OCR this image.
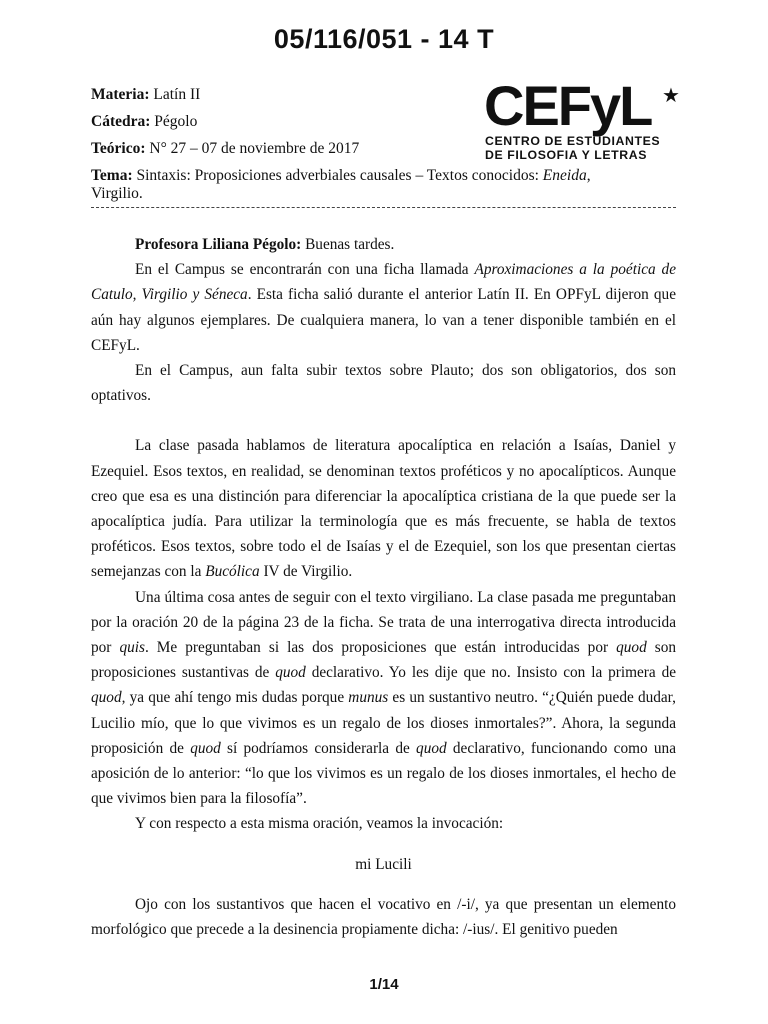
05/116/051 - 14 T
Materia: Latín II
Cátedra: Pégolo
Teórico: N° 27 – 07 de noviembre de 2017
Tema: Sintaxis: Proposiciones adverbiales causales – Textos conocidos: Eneida,
Virgilio.
CEFyL ★
CENTRO DE ESTUDIANTES
DE FILOSOFIA Y LETRAS

Profesora Liliana Pégolo: Buenas tardes.

En el Campus se encontrarán con una ficha llamada Aproximaciones a la poética de Catulo, Virgilio y Séneca. Esta ficha salió durante el anterior Latín II. En OPFyL dijeron que aún hay algunos ejemplares. De cualquiera manera, lo van a tener disponible también en el CEFyL.

En el Campus, aun falta subir textos sobre Plauto; dos son obligatorios, dos son optativos.

La clase pasada hablamos de literatura apocalíptica en relación a Isaías, Daniel y Ezequiel. Esos textos, en realidad, se denominan textos proféticos y no apocalípticos. Aunque creo que esa es una distinción para diferenciar la apocalíptica cristiana de la que puede ser la apocalíptica judía. Para utilizar la terminología que es más frecuente, se habla de textos proféticos. Esos textos, sobre todo el de Isaías y el de Ezequiel, son los que presentan ciertas semejanzas con la Bucólica IV de Virgilio.

Una última cosa antes de seguir con el texto virgiliano. La clase pasada me preguntaban por la oración 20 de la página 23 de la ficha. Se trata de una interrogativa directa introducida por quis. Me preguntaban si las dos proposiciones que están introducidas por quod son proposiciones sustantivas de quod declarativo. Yo les dije que no. Insisto con la primera de quod, ya que ahí tengo mis dudas porque munus es un sustantivo neutro. “¿Quién puede dudar, Lucilio mío, que lo que vivimos es un regalo de los dioses inmortales?”. Ahora, la segunda proposición de quod sí podríamos considerarla de quod declarativo, funcionando como una aposición de lo anterior: “lo que los vivimos es un regalo de los dioses inmortales, el hecho de que vivimos bien para la filosofía”.

Y con respecto a esta misma oración, veamos la invocación:

mi Lucili

Ojo con los sustantivos que hacen el vocativo en /-i/, ya que presentan un elemento morfológico que precede a la desinencia propiamente dicha: /-ius/. El genitivo pueden

1/14
